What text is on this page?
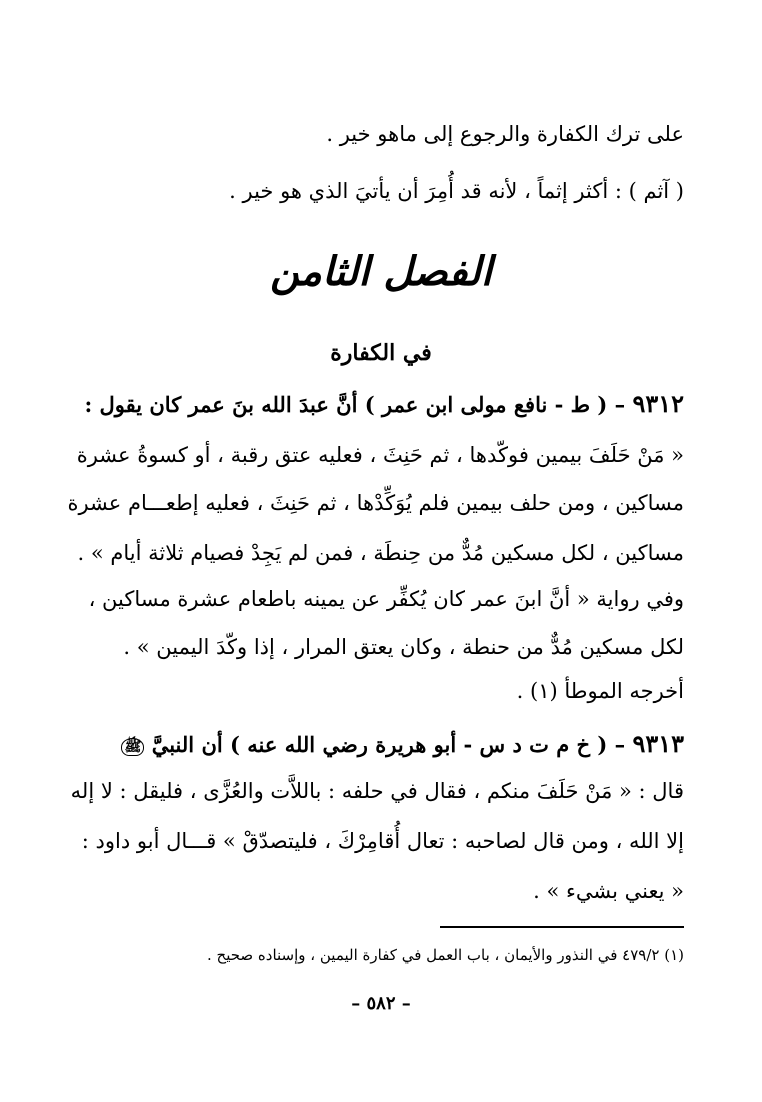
على ترك الكفارة والرجوع إلى ماهو خير .
( آثم ) : أكثر إثماً ، لأنه قد أُمِرَ أن يأتيَ الذي هو خير .
الفصل الثامن
في الكفارة
٩٣١٢ – ( ط - نافع مولى ابن عمر ) أنَّ عبدَ الله بنَ عمر كان يقول :
« مَنْ حَلَفَ بيمين فوكّدها ، ثم حَنِثَ ، فعليه عتق رقبة ، أو كسوةُ عشرة
مساكين ، ومن حلف بيمين فلم يُوَكِّدْها ، ثم حَنِثَ ، فعليه إطعـــام عشرة
مساكين ، لكل مسكين مُدٌّ من حِنطَة ، فمن لم يَجِدْ فصيام ثلاثة أيام » .
وفي رواية « أنَّ ابنَ عمر كان يُكفِّر عن يمينه باطعام عشرة مساكين ،
لكل مسكين مُدٌّ من حنطة ، وكان يعتق المرار ، إذا وكّدَ اليمين » .
أخرجه الموطأ (١) .
٩٣١٣ – ( خ م ت د س - أبو هريرة رضي الله عنه ) أن النبيَّ ﷺ
قال : « مَنْ حَلَفَ منكم ، فقال في حلفه : باللاَّت والعُزَّى ، فليقل : لا إله
إلا الله ، ومن قال لصاحبه : تعال أُقامِرْكَ ، فليتصدّقْ » قـــال أبو داود :
« يعني بشيء » .
(١) ٤٧٩/٢ في النذور والأيمان ، باب العمل في كفارة اليمين ، وإسناده صحيح .
– ٥٨٢ –
